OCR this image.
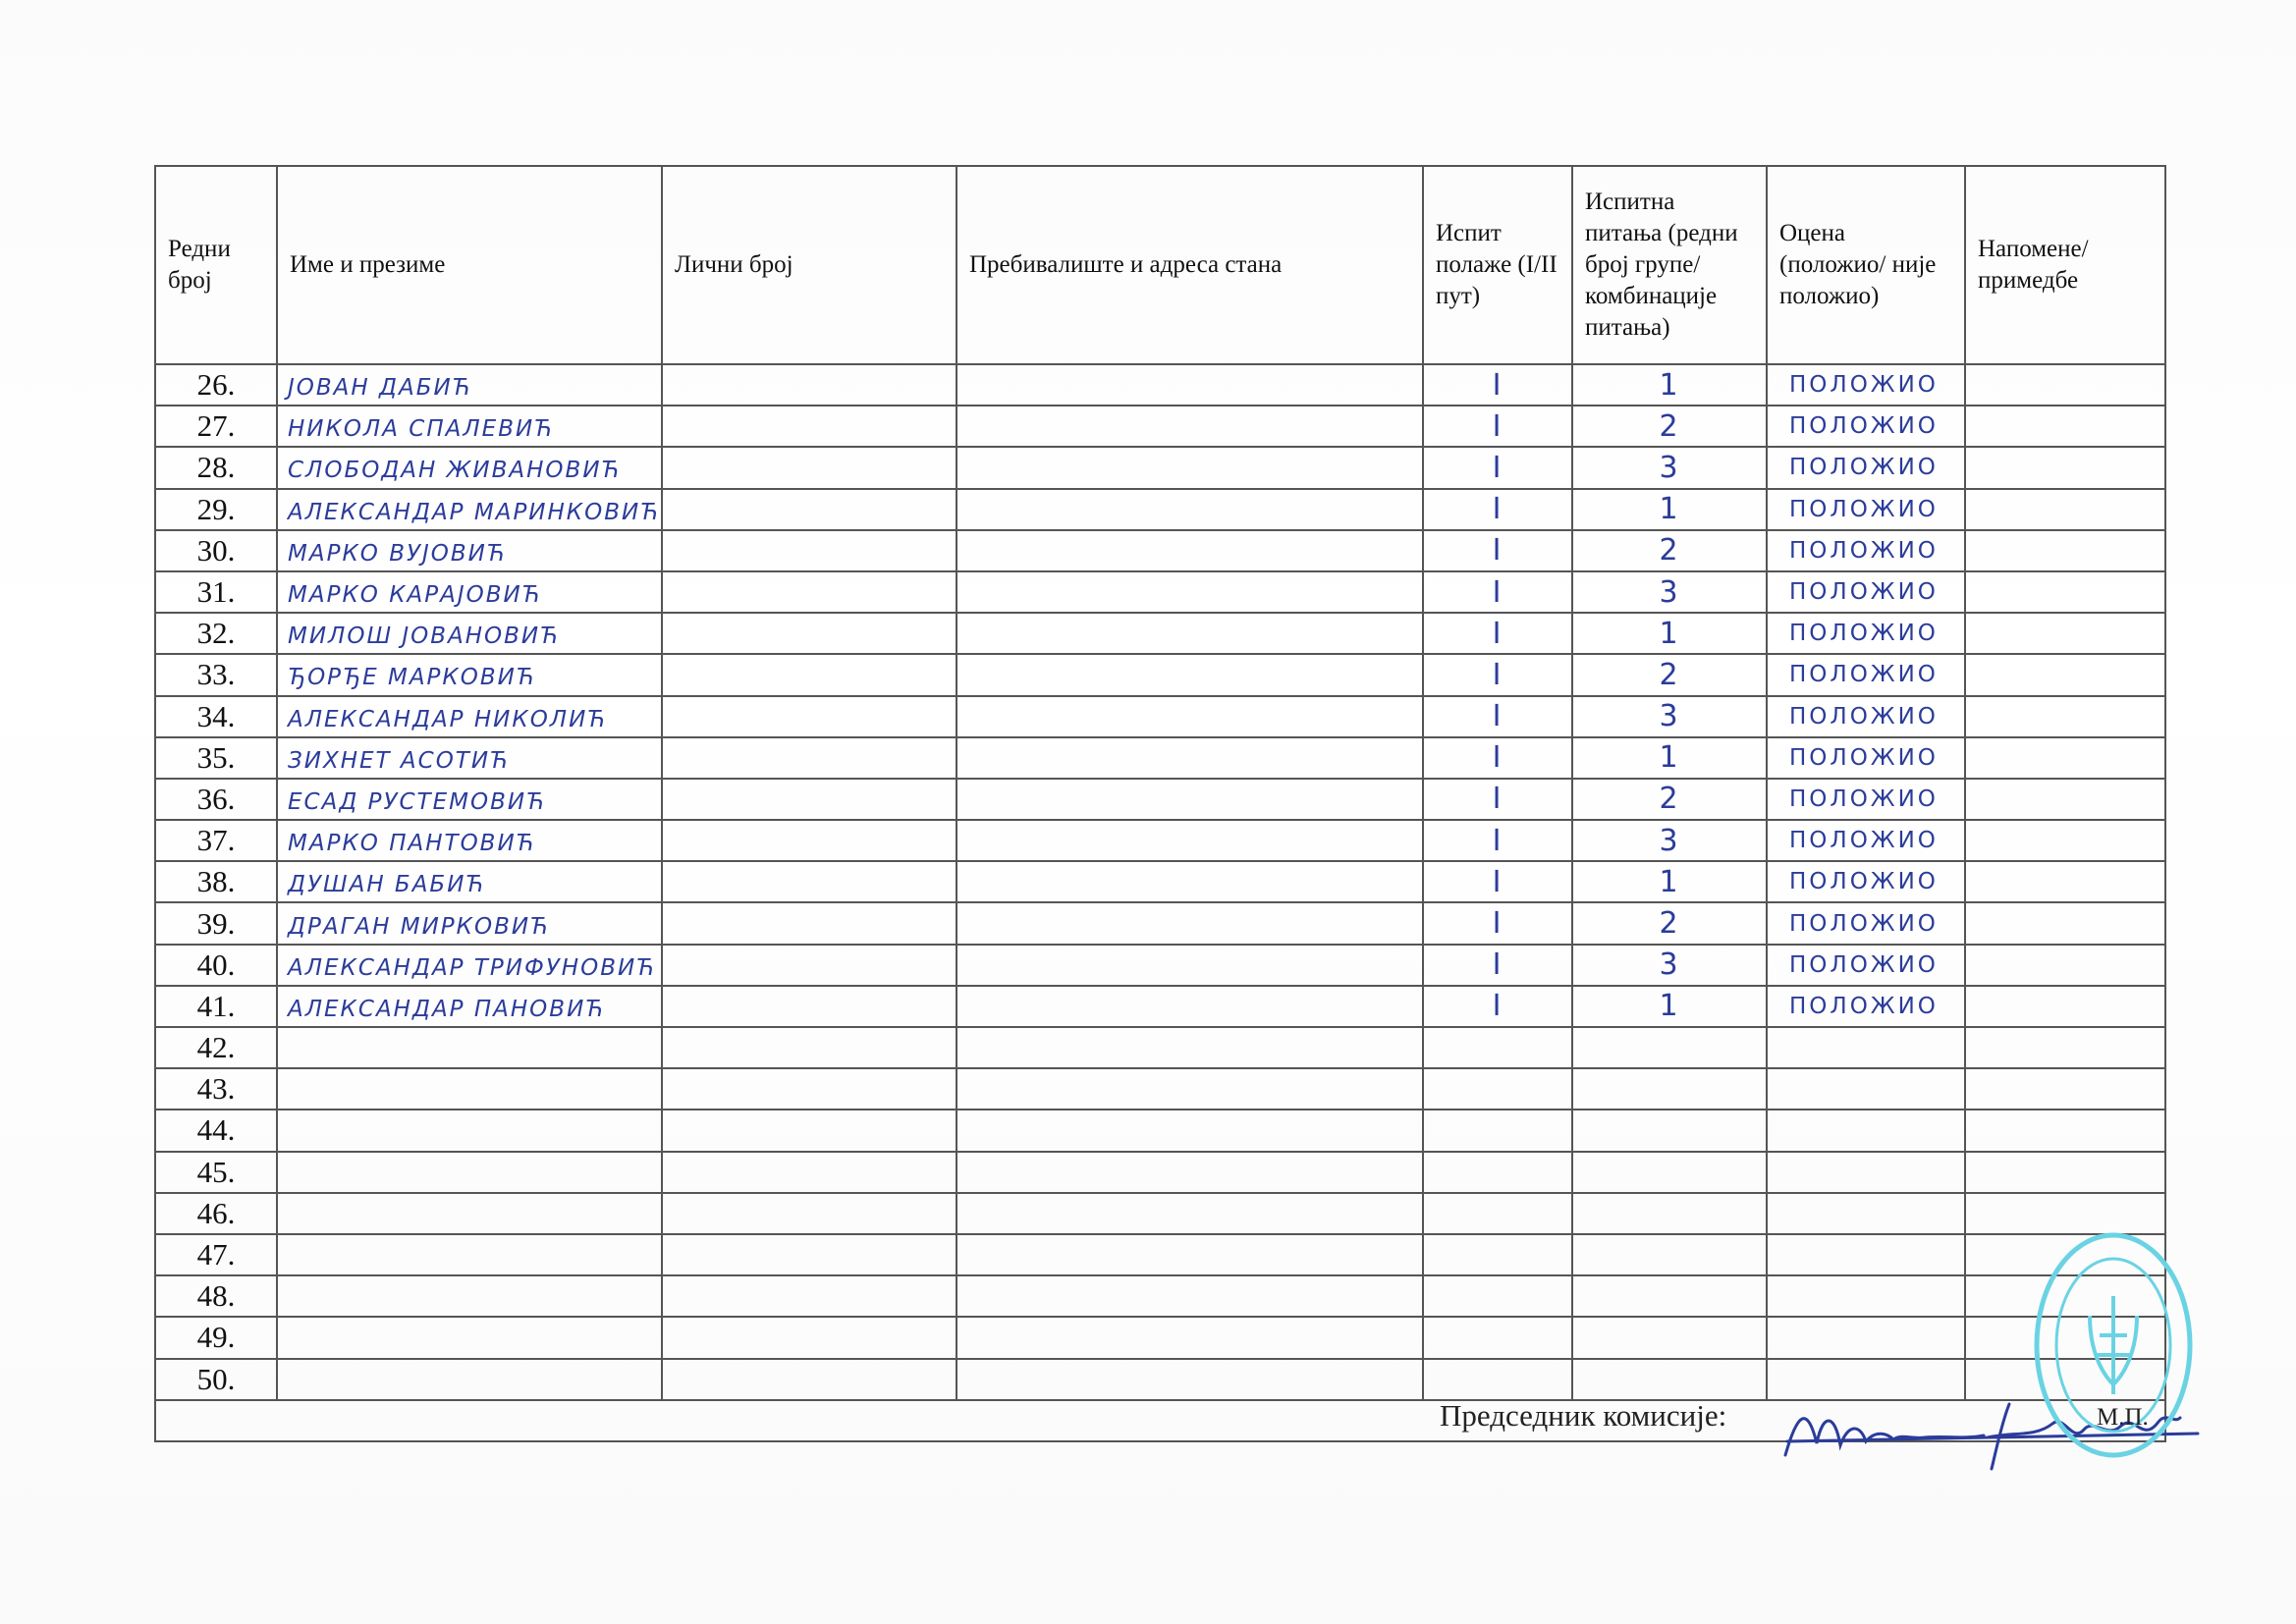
Редни број	Име и презиме	Лични број	Пребивалиште и адреса стана	Испит полаже (I/II пут)	Испитна питања (редни број групе/ комбинације питања)	Оцена (положио/ није положио)	Напомене/ примедбе
26.	ЈОВАН ДАБИЋ			I	1	ПОЛОЖИО	

27.	НИКОЛА СПАЛЕВИЋ			I	2	ПОЛОЖИО	

28.	СЛОБОДАН ЖИВАНОВИЋ			I	3	ПОЛОЖИО	

29.	АЛЕКСАНДАР МАРИНКОВИЋ			I	1	ПОЛОЖИО	

30.	МАРКО ВУЈОВИЋ			I	2	ПОЛОЖИО	

31.	МАРКО КАРАЈОВИЋ			I	3	ПОЛОЖИО	

32.	МИЛОШ ЈОВАНОВИЋ			I	1	ПОЛОЖИО	

33.	ЂОРЂЕ МАРКОВИЋ			I	2	ПОЛОЖИО	

34.	АЛЕКСАНДАР НИКОЛИЋ			I	3	ПОЛОЖИО	

35.	ЗИХНЕТ АСОТИЋ			I	1	ПОЛОЖИО	

36.	ЕСАД РУСТЕМОВИЋ			I	2	ПОЛОЖИО	

37.	МАРКО ПАНТОВИЋ			I	3	ПОЛОЖИО	

38.	ДУШАН БАБИЋ			I	1	ПОЛОЖИО	

39.	ДРАГАН МИРКОВИЋ			I	2	ПОЛОЖИО	

40.	АЛЕКСАНДАР ТРИФУНОВИЋ			I	3	ПОЛОЖИО	

41.	АЛЕКСАНДАР ПАНОВИЋ			I	1	ПОЛОЖИО	

42.				

43.				

44.				

45.				

46.				

47.				

48.				

49.				

50.				

Председник комисије:	М.П.
